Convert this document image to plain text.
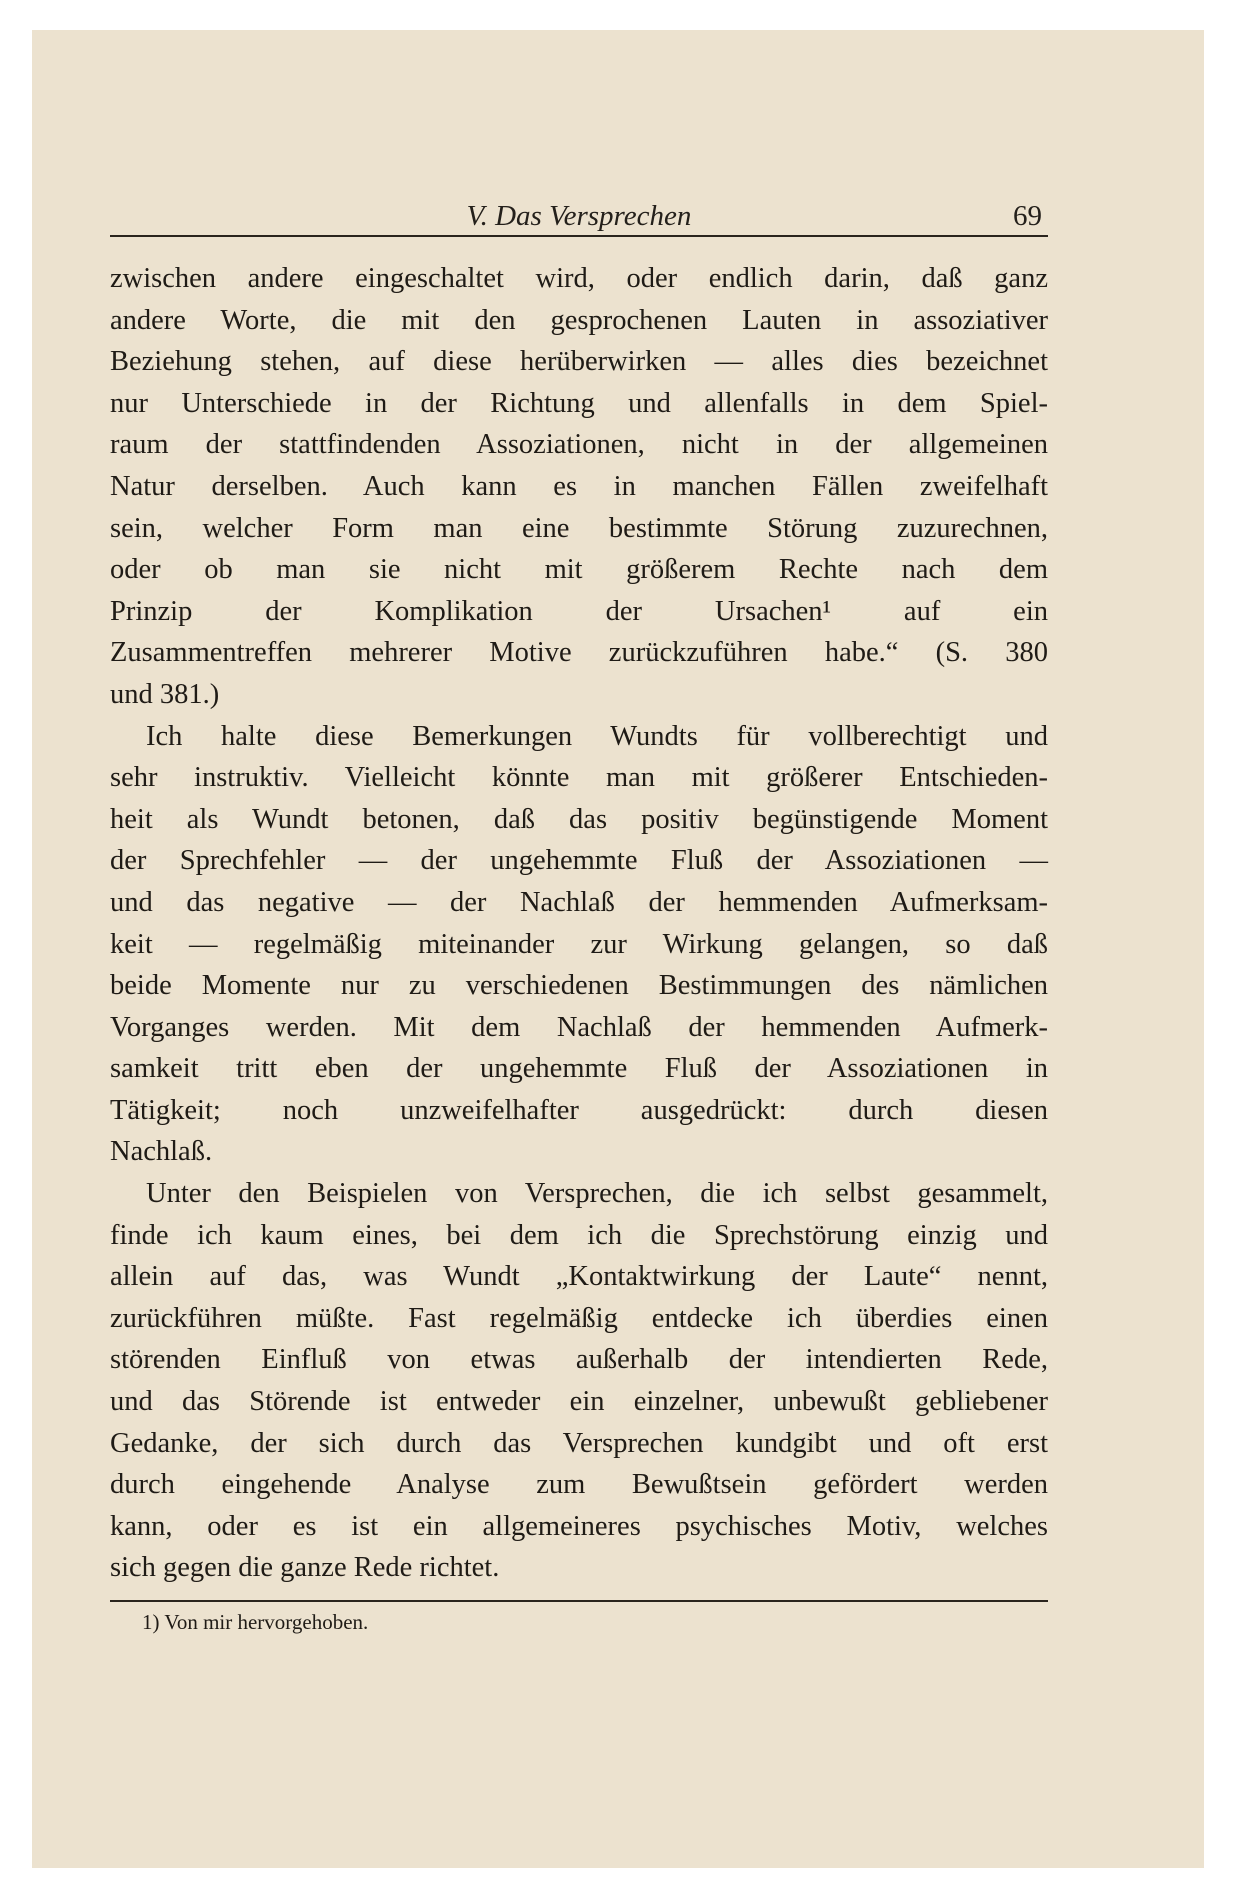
V. Das Versprechen	69
zwischen andere eingeschaltet wird, oder endlich darin, daß ganz
andere Worte, die mit den gesprochenen Lauten in assoziativer
Beziehung stehen, auf diese herüberwirken — alles dies bezeichnet
nur Unterschiede in der Richtung und allenfalls in dem Spiel-
raum der stattfindenden Assoziationen, nicht in der allgemeinen
Natur derselben. Auch kann es in manchen Fällen zweifelhaft
sein, welcher Form man eine bestimmte Störung zuzurechnen,
oder ob man sie nicht mit größerem Rechte nach dem
Prinzip der Komplikation der Ursachen¹ auf ein
Zusammentreffen mehrerer Motive zurückzuführen habe.“ (S. 380
und 381.)
Ich halte diese Bemerkungen Wundts für vollberechtigt und
sehr instruktiv. Vielleicht könnte man mit größerer Entschieden-
heit als Wundt betonen, daß das positiv begünstigende Moment
der Sprechfehler — der ungehemmte Fluß der Assoziationen —
und das negative — der Nachlaß der hemmenden Aufmerksam-
keit — regelmäßig miteinander zur Wirkung gelangen, so daß
beide Momente nur zu verschiedenen Bestimmungen des nämlichen
Vorganges werden. Mit dem Nachlaß der hemmenden Aufmerk-
samkeit tritt eben der ungehemmte Fluß der Assoziationen in
Tätigkeit; noch unzweifelhafter ausgedrückt: durch diesen
Nachlaß.
Unter den Beispielen von Versprechen, die ich selbst gesammelt,
finde ich kaum eines, bei dem ich die Sprechstörung einzig und
allein auf das, was Wundt „Kontaktwirkung der Laute“ nennt,
zurückführen müßte. Fast regelmäßig entdecke ich überdies einen
störenden Einfluß von etwas außerhalb der intendierten Rede,
und das Störende ist entweder ein einzelner, unbewußt gebliebener
Gedanke, der sich durch das Versprechen kundgibt und oft erst
durch eingehende Analyse zum Bewußtsein gefördert werden
kann, oder es ist ein allgemeineres psychisches Motiv, welches
sich gegen die ganze Rede richtet.
1) Von mir hervorgehoben.
